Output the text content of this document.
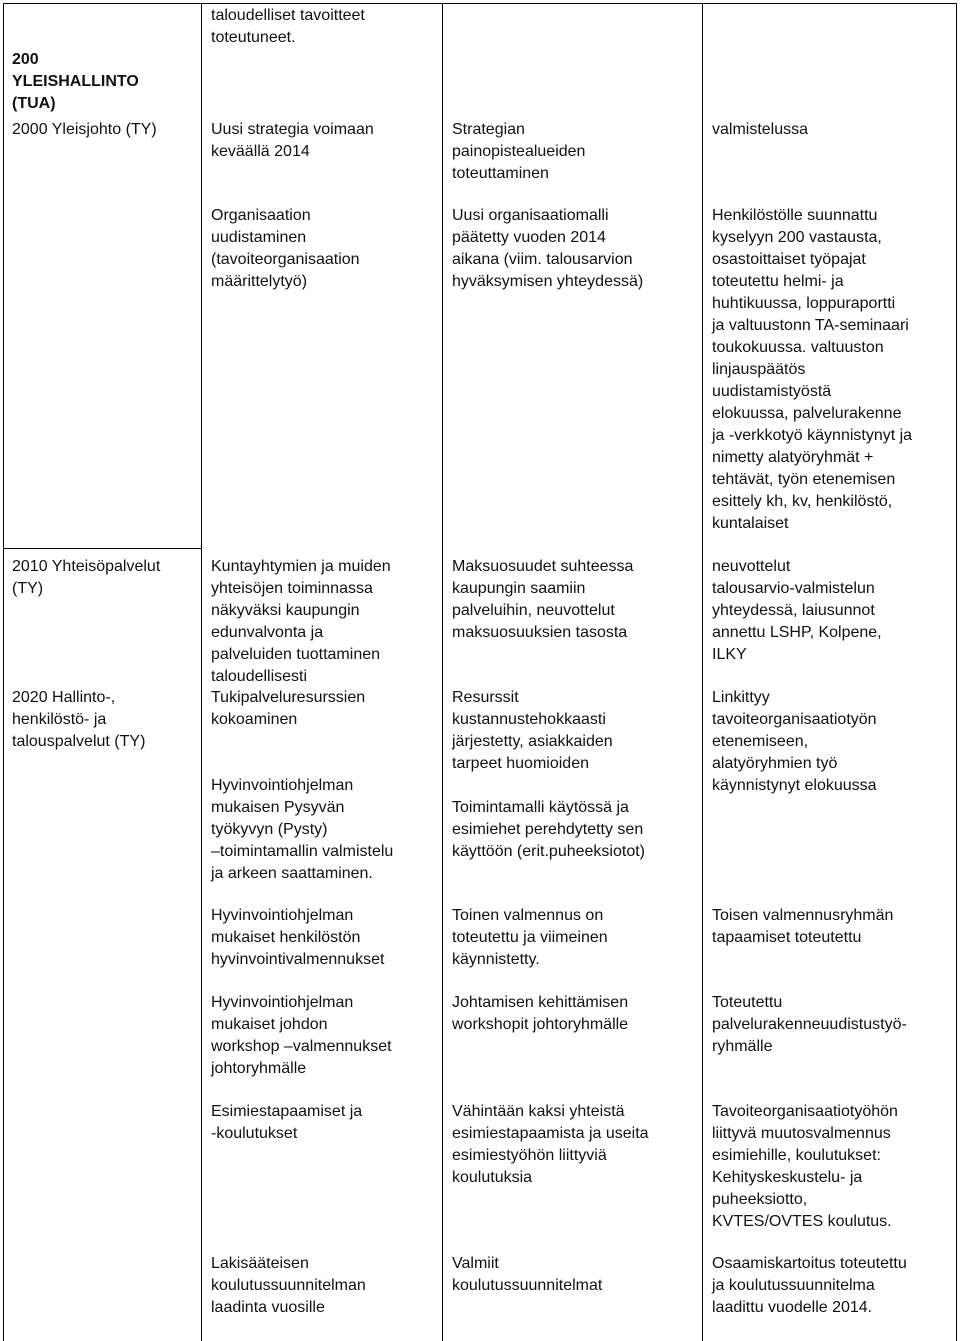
taloudelliset tavoitteet
toteutuneet.

200
YLEISHALLINTO
(TUA)

2000 Yleisjohto (TY)	Uusi strategia voimaan
keväällä 2014

Strategian
painopistealueiden
toteuttaminen

valmistelussa

Organisaation
uudistaminen
(tavoiteorganisaation
määrittelytyö)

Uusi organisaatiomalli
päätetty vuoden 2014
aikana (viim. talousarvion
hyväksymisen yhteydessä)

Henkilöstölle suunnattu
kyselyyn 200 vastausta,
osastoittaiset työpajat
toteutettu helmi- ja
huhtikuussa, loppuraportti
ja valtuustonn TA-seminaari
toukokuussa. valtuuston
linjauspäätös
uudistamistyöstä
elokuussa, palvelurakenne
ja -verkkotyö käynnistynyt ja
nimetty alatyöryhmät +
tehtävät, työn etenemisen
esittely kh, kv, henkilöstö,
kuntalaiset

2010 Yhteisöpalvelut
(TY)

Kuntayhtymien ja muiden
yhteisöjen toiminnassa
näkyväksi kaupungin
edunvalvonta ja
palveluiden tuottaminen
taloudellisesti

Maksuosuudet suhteessa
kaupungin saamiin
palveluihin, neuvottelut
maksuosuuksien tasosta

neuvottelut
talousarvio-valmistelun
yhteydessä, laiusunnot
annettu LSHP, Kolpene,
ILKY

2020 Hallinto-,
henkilöstö- ja
talouspalvelut (TY)

Tukipalveluresurssien
kokoaminen

Resurssit
kustannustehokkaasti
järjestetty, asiakkaiden
tarpeet huomioiden

Linkittyy
tavoiteorganisaatiotyön
etenemiseen,
alatyöryhmien työ
käynnistynyt elokuussa

Hyvinvointiohjelman
mukaisen Pysyvän
työkyvyn (Pysty)
–toimintamallin valmistelu
ja arkeen saattaminen.

Toimintamalli käytössä ja
esimiehet perehdytetty sen
käyttöön (erit.puheeksiotot)

Hyvinvointiohjelman
mukaiset henkilöstön
hyvinvointivalmennukset

Toinen valmennus on
toteutettu ja viimeinen
käynnistetty.

Toisen valmennusryhmän
tapaamiset toteutettu

Hyvinvointiohjelman
mukaiset johdon
workshop –valmennukset
johtoryhmälle

Johtamisen kehittämisen
workshopit johtoryhmälle

Toteutettu
palvelurakenneuudistustyö-
ryhmälle

Esimiestapaamiset ja
-koulutukset

Vähintään kaksi yhteistä
esimiestapaamista ja useita
esimiestyöhön liittyviä
koulutuksia

Tavoiteorganisaatiotyöhön
liittyvä muutosvalmennus
esimiehille, koulutukset:
Kehityskeskustelu- ja
puheeksiotto,
KVTES/OVTES koulutus.

Lakisääteisen
koulutussuunnitelman
laadinta vuosille

Valmiit
koulutussuunnitelmat

Osaamiskartoitus toteutettu
ja koulutussuunnitelma
laadittu vuodelle 2014.
